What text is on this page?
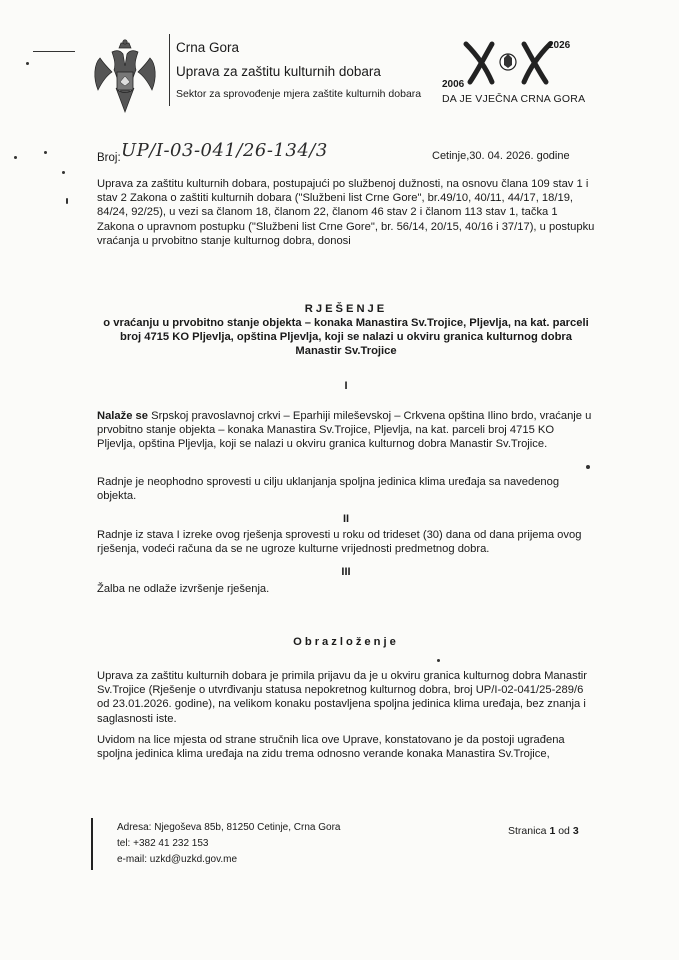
Crna Gora
Uprava za zaštitu kulturnih dobara
Sektor za sprovođenje mjera zaštite kulturnih dobara
2026
2006
DA JE VJEČNA CRNA GORA
Broj: UP/I-03-041/26-134/3	Cetinje,30. 04. 2026. godine
Uprava za zaštitu kulturnih dobara, postupajući po službenoj dužnosti, na osnovu člana 109 stav 1 i stav 2 Zakona o zaštiti kulturnih dobara ("Službeni list Crne Gore", br.49/10, 40/11, 44/17, 18/19, 84/24, 92/25), u vezi sa članom 18, članom 22, članom 46 stav 2 i članom 113 stav 1, tačka 1 Zakona o upravnom postupku ("Službeni list Crne Gore", br. 56/14, 20/15, 40/16 i 37/17), u postupku vraćanja u prvobitno stanje kulturnog dobra, donosi
RJEŠENJE
o vraćanju u prvobitno stanje objekta – konaka Manastira Sv.Trojice, Pljevlja, na kat. parceli broj 4715 KO Pljevlja, opština Pljevlja, koji se nalazi u okviru granica kulturnog dobra Manastir Sv.Trojice
I
Nalaže se Srpskoj pravoslavnoj crkvi – Eparhiji mileševskoj – Crkvena opština Ilino brdo, vraćanje u prvobitno stanje objekta – konaka Manastira Sv.Trojice, Pljevlja, na kat. parceli broj 4715 KO Pljevlja, opština Pljevlja, koji se nalazi u okviru granica kulturnog dobra Manastir Sv.Trojice.
Radnje je neophodno sprovesti u cilju uklanjanja spoljna jedinica klima uređaja sa navedenog objekta.
II
Radnje iz stava I izreke ovog rješenja sprovesti u roku od trideset (30) dana od dana prijema ovog rješenja, vodeći računa da se ne ugroze kulturne vrijednosti predmetnog dobra.
III
Žalba ne odlaže izvršenje rješenja.
Obrazloženje
Uprava za zaštitu kulturnih dobara je primila prijavu da je u okviru granica kulturnog dobra Manastir Sv.Trojice (Rješenje o utvrđivanju statusa nepokretnog kulturnog dobra, broj UP/I-02-041/25-289/6 od 23.01.2026. godine), na velikom konaku postavljena spoljna jedinica klima uređaja, bez znanja i saglasnosti iste.
Uvidom na lice mjesta od strane stručnih lica ove Uprave, konstatovano je da postoji ugrađena spoljna jedinica klima uređaja na zidu trema odnosno verande konaka Manastira Sv.Trojice,
Adresa: Njegoševa 85b, 81250 Cetinje, Crna Gora
tel: +382 41 232 153
e-mail: uzkd@uzkd.gov.me
Stranica 1 od 3
